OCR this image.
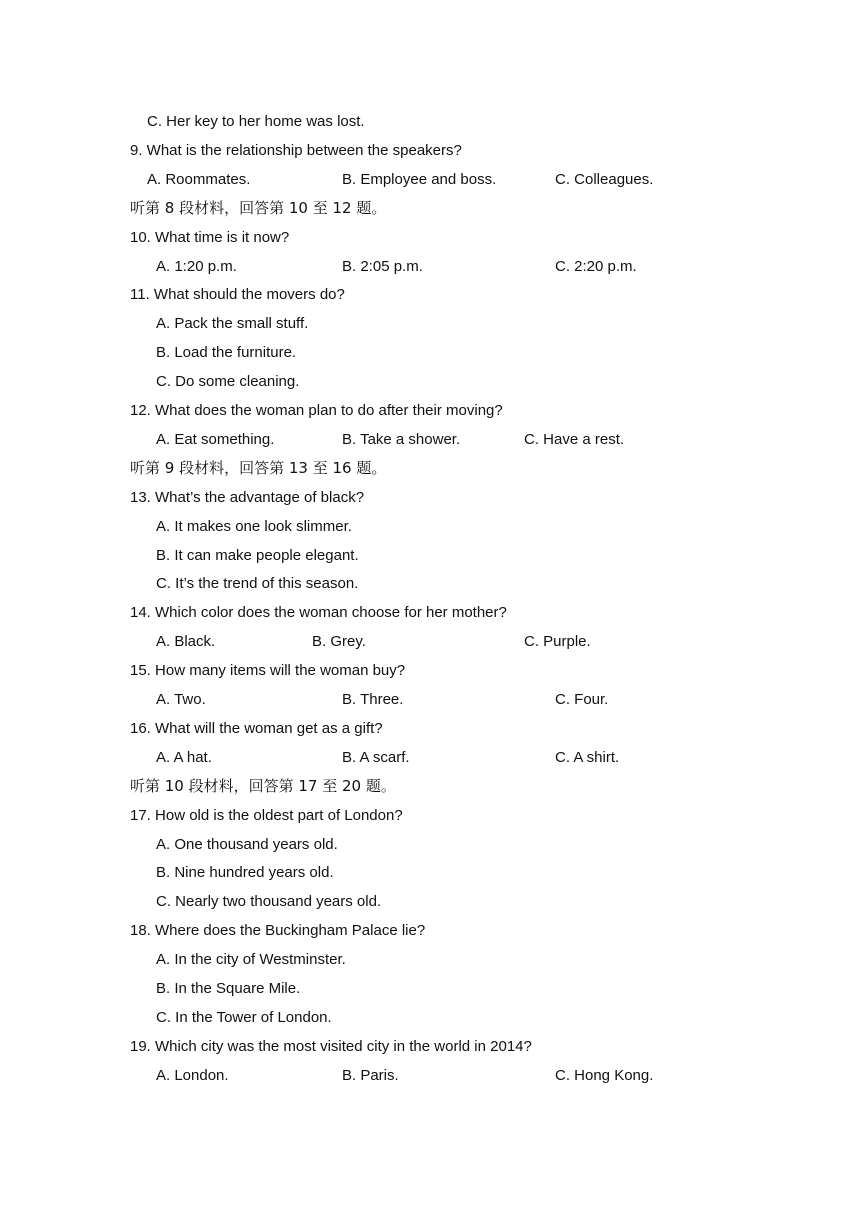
C. Her key to her home was lost.
9. What is the relationship between the speakers?
A. Roommates.	B. Employee and boss.	C. Colleagues.
听第 8 段材料，回答第 10 至 12 题。
10. What time is it now?
A. 1:20 p.m.	B. 2:05 p.m.	C. 2:20 p.m.
11. What should the movers do?
A. Pack the small stuff.
B. Load the furniture.
C. Do some cleaning.
12. What does the woman plan to do after their moving?
A. Eat something.	B. Take a shower.	C. Have a rest.
听第 9 段材料，回答第 13 至 16 题。
13. What’s the advantage of black?
A. It makes one look slimmer.
B. It can make people elegant.
C. It’s the trend of this season.
14. Which color does the woman choose for her mother?
A. Black.	B. Grey.	C. Purple.
15. How many items will the woman buy?
A. Two.	B. Three.	C. Four.
16. What will the woman get as a gift?
A. A hat.	B. A scarf.	C. A shirt.
听第 10 段材料，回答第 17 至 20 题。
17. How old is the oldest part of London?
A. One thousand years old.
B. Nine hundred years old.
C. Nearly two thousand years old.
18. Where does the Buckingham Palace lie?
A. In the city of Westminster.
B. In the Square Mile.
C. In the Tower of London.
19. Which city was the most visited city in the world in 2014?
A. London.	B. Paris.	C. Hong Kong.
